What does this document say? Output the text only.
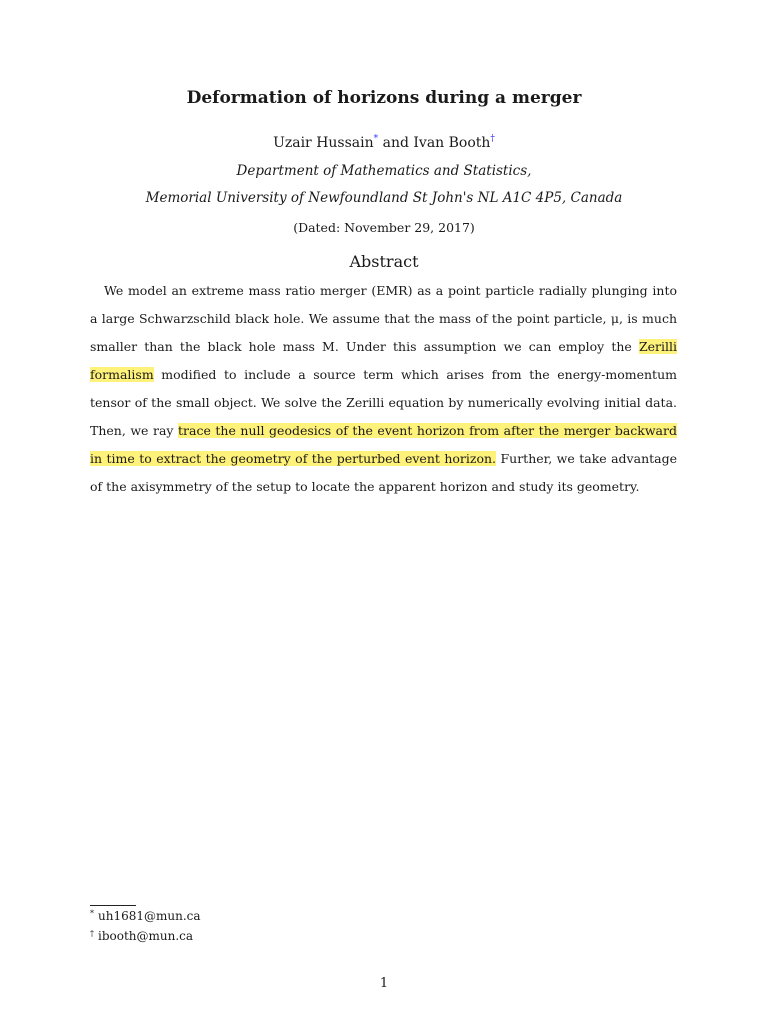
Deformation of horizons during a merger
Uzair Hussain* and Ivan Booth†
Department of Mathematics and Statistics,
Memorial University of Newfoundland St John's NL A1C 4P5, Canada
(Dated: November 29, 2017)
Abstract
We model an extreme mass ratio merger (EMR) as a point particle radially plunging into a large Schwarzschild black hole. We assume that the mass of the point particle, μ, is much smaller than the black hole mass M. Under this assumption we can employ the Zerilli formalism modified to include a source term which arises from the energy-momentum tensor of the small object. We solve the Zerilli equation by numerically evolving initial data. Then, we ray trace the null geodesics of the event horizon from after the merger backward in time to extract the geometry of the perturbed event horizon. Further, we take advantage of the axisymmetry of the setup to locate the apparent horizon and study its geometry.
* uh1681@mun.ca
† ibooth@mun.ca
1
